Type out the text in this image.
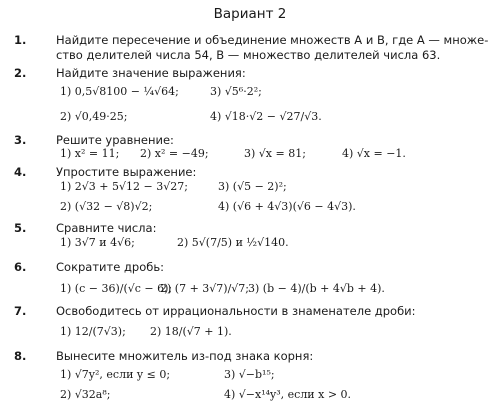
Вариант 2
1.	Найдите пересечение и объединение множеств A и B, где A — множе-
ство делителей числа 54, B — множество делителей числа 63.
2.	Найдите значение выражения:
1) 0,5√8100 − ¼√64;	3) √5⁶·2²;
2) √0,49·25;	4) √18·√2 − √27/√3.
3.	Решите уравнение:
1) x² = 11; 2) x² = −49;	3) √x = 81;	4) √x = −1.
4.	Упростите выражение:
1) 2√3 + 5√12 − 3√27;	3) (√5 − 2)²;
2) (√32 − √8)√2;	4) (√6 + 4√3)(√6 − 4√3).
5.	Сравните числа:
1) 3√7 и 4√6;	2) 5√(7/5) и ½√140.
6.	Сократите дробь:
1) (c − 36)/(√c − 6);
2) (7 + 3√7)/√7;
3) (b − 4)/(b + 4√b + 4).
7.	Освободитесь от иррациональности в знаменателе дроби:
1) 12/(7√3); 2) 18/(√7 + 1).
8.	Вынесите множитель из-под знака корня:
1) √7y², если y ≤ 0;	3) √−b¹⁵;
2) √32a⁸;	4) √−x¹⁴y³, если x > 0.
